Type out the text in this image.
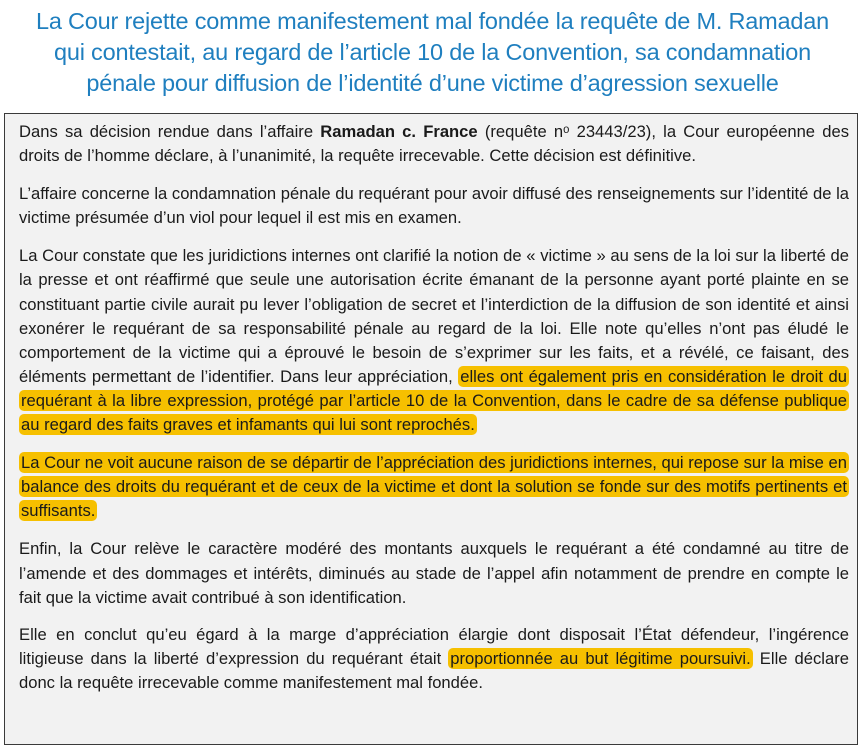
La Cour rejette comme manifestement mal fondée la requête de M. Ramadan
qui contestait, au regard de l’article 10 de la Convention, sa condamnation
pénale pour diffusion de l’identité d’une victime d’agression sexuelle

Dans sa décision rendue dans l’affaire Ramadan c. France (requête nᵒ 23443/23), la Cour européenne des droits de l’homme déclare, à l’unanimité, la requête irrecevable. Cette décision est définitive.

L’affaire concerne la condamnation pénale du requérant pour avoir diffusé des renseignements sur l’identité de la victime présumée d’un viol pour lequel il est mis en examen.

La Cour constate que les juridictions internes ont clarifié la notion de « victime » au sens de la loi sur la liberté de la presse et ont réaffirmé que seule une autorisation écrite émanant de la personne ayant porté plainte en se constituant partie civile aurait pu lever l’obligation de secret et l’interdiction de la diffusion de son identité et ainsi exonérer le requérant de sa responsabilité pénale au regard de la loi. Elle note qu’elles n’ont pas éludé le comportement de la victime qui a éprouvé le besoin de s’exprimer sur les faits, et a révélé, ce faisant, des éléments permettant de l’identifier. Dans leur appréciation, elles ont également pris en considération le droit du requérant à la libre expression, protégé par l’article 10 de la Convention, dans le cadre de sa défense publique au regard des faits graves et infamants qui lui sont reprochés.

La Cour ne voit aucune raison de se départir de l’appréciation des juridictions internes, qui repose sur la mise en balance des droits du requérant et de ceux de la victime et dont la solution se fonde sur des motifs pertinents et suffisants.

Enfin, la Cour relève le caractère modéré des montants auxquels le requérant a été condamné au titre de l’amende et des dommages et intérêts, diminués au stade de l’appel afin notamment de prendre en compte le fait que la victime avait contribué à son identification.

Elle en conclut qu’eu égard à la marge d’appréciation élargie dont disposait l’État défendeur, l’ingérence litigieuse dans la liberté d’expression du requérant était proportionnée au but légitime poursuivi. Elle déclare donc la requête irrecevable comme manifestement mal fondée.
